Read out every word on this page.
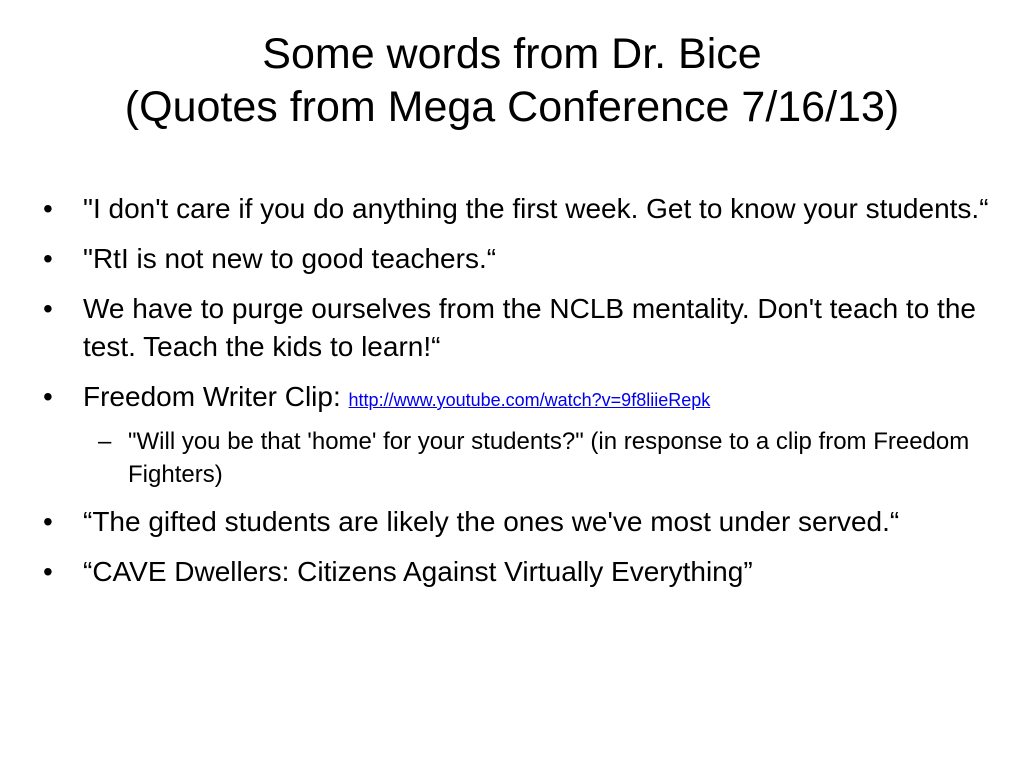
Some words from Dr. Bice
(Quotes from Mega Conference 7/16/13)
•	"I don't care if you do anything the first week. Get to know your students.“
•	"RtI is not new to good teachers.“
•	We have to purge ourselves from the NCLB mentality. Don't teach to the test. Teach the kids to learn!“
•	Freedom Writer Clip: http://www.youtube.com/watch?v=9f8liieRepk
– "Will you be that 'home' for your students?" (in response to a clip from Freedom Fighters)
•	“The gifted students are likely the ones we've most under served.“
•	“CAVE Dwellers: Citizens Against Virtually Everything”
